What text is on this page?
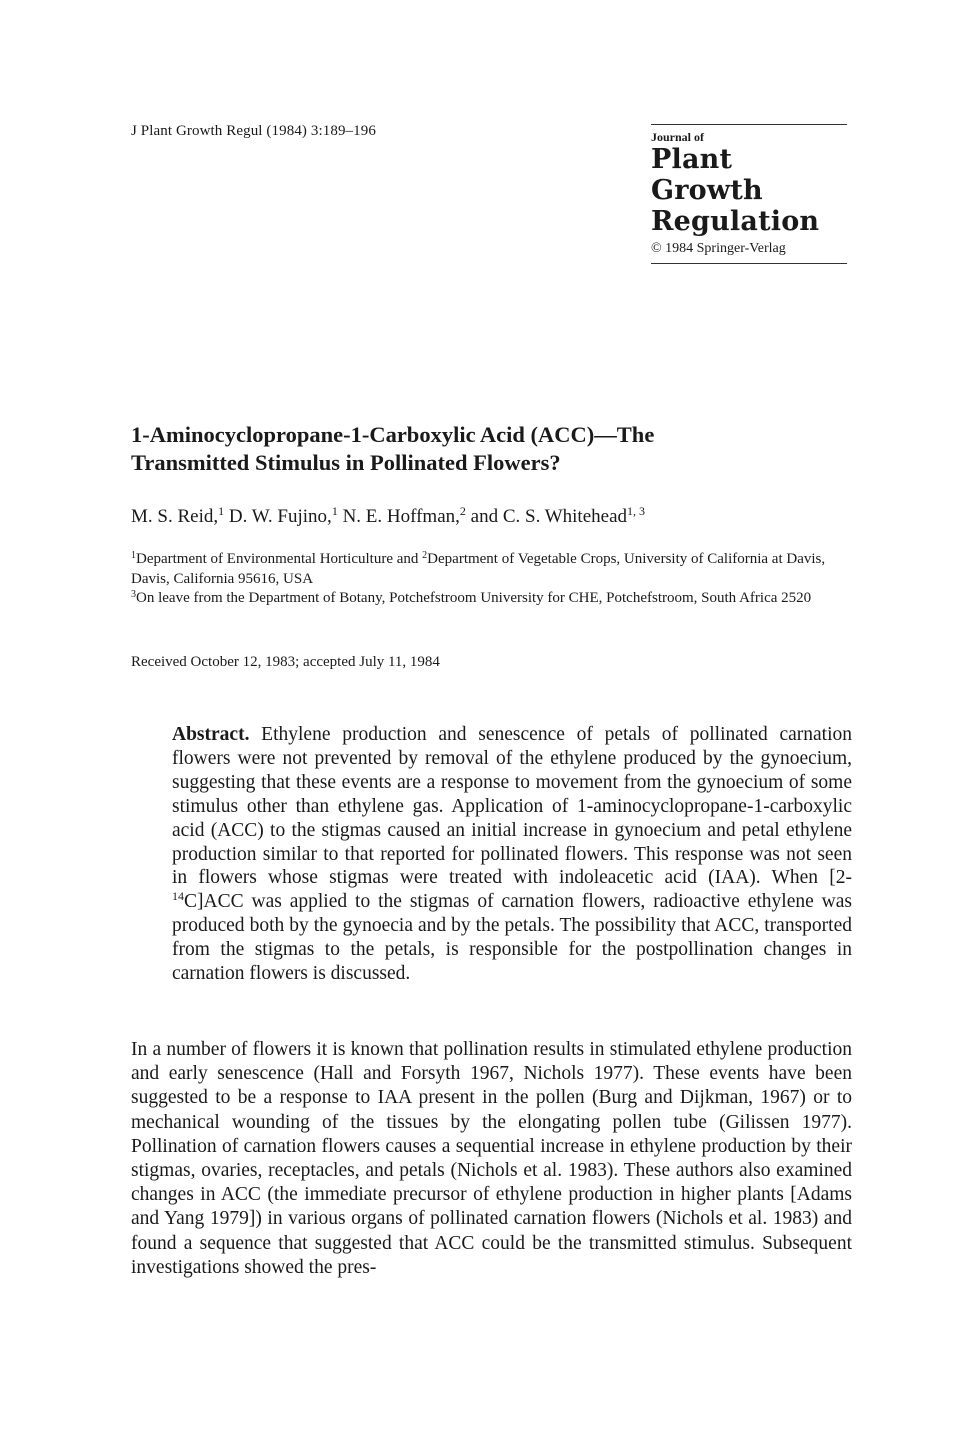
J Plant Growth Regul (1984) 3:189–196	Journal of
Plant
Growth
Regulation
© 1984 Springer-Verlag
1-Aminocyclopropane-1-Carboxylic Acid (ACC)—The
Transmitted Stimulus in Pollinated Flowers?
M. S. Reid,$^1$ D. W. Fujino,$^1$ N. E. Hoffman,$^2$ and C. S. Whitehead$^{1, 3}$
$^1$Department of Environmental Horticulture and $^2$Department of Vegetable Crops, University of California at Davis, Davis, California 95616, USA
$^3$On leave from the Department of Botany, Potchefstroom University for CHE, Potchefstroom, South Africa 2520
Received October 12, 1983; accepted July 11, 1984
Abstract. Ethylene production and senescence of petals of pollinated carnation flowers were not prevented by removal of the ethylene produced by the gynoecium, suggesting that these events are a response to movement from the gynoecium of some stimulus other than ethylene gas. Application of 1-aminocyclopropane-1-carboxylic acid (ACC) to the stigmas caused an initial increase in gynoecium and petal ethylene production similar to that reported for pollinated flowers. This response was not seen in flowers whose stigmas were treated with indoleacetic acid (IAA). When [2-$^{14}$C]ACC was applied to the stigmas of carnation flowers, radioactive ethylene was produced both by the gynoecia and by the petals. The possibility that ACC, transported from the stigmas to the petals, is responsible for the postpollination changes in carnation flowers is discussed.
In a number of flowers it is known that pollination results in stimulated ethylene production and early senescence (Hall and Forsyth 1967, Nichols 1977). These events have been suggested to be a response to IAA present in the pollen (Burg and Dijkman, 1967) or to mechanical wounding of the tissues by the elongating pollen tube (Gilissen 1977). Pollination of carnation flowers causes a sequential increase in ethylene production by their stigmas, ovaries, receptacles, and petals (Nichols et al. 1983). These authors also examined changes in ACC (the immediate precursor of ethylene production in higher plants [Adams and Yang 1979]) in various organs of pollinated carnation flowers (Nichols et al. 1983) and found a sequence that suggested that ACC could be the transmitted stimulus. Subsequent investigations showed the pres-
